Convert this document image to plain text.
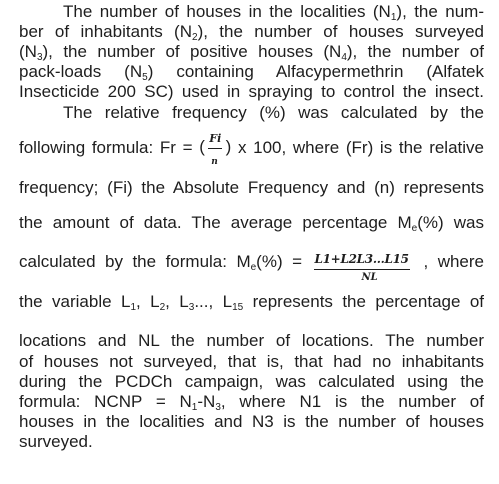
The number of houses in the localities $(N_1)$, the num-
ber of inhabitants $(N_2)$, the number of houses surveyed
$(N_3)$, the number of positive houses $(N_4)$, the number of
pack-loads $(N_5)$ containing Alfacypermethrin (Alfatek
Insecticide 200 SC) used in spraying to control the insect.
The relative frequency (%) was calculated by the
following formula: Fr = ( Fi
n
) x 100, where (Fr) is the relative
frequency; (Fi) the Absolute Frequency and (n) represents
the amount of data. The average percentage $M_e(\%)$ was
calculated by the formula: $M_e(\%) = L1+L2L3...L15$
NL
, where
the variable $L_1$, $L_2$, $L_3$..., $L_{15}$ represents the percentage of
locations and NL the number of locations. The number
of houses not surveyed, that is, that had no inhabitants
during the PCDCh campaign, was calculated using the
formula: NCNP = $N_1-N_3$, where N1 is the number of
houses in the localities and N3 is the number of houses
surveyed.
